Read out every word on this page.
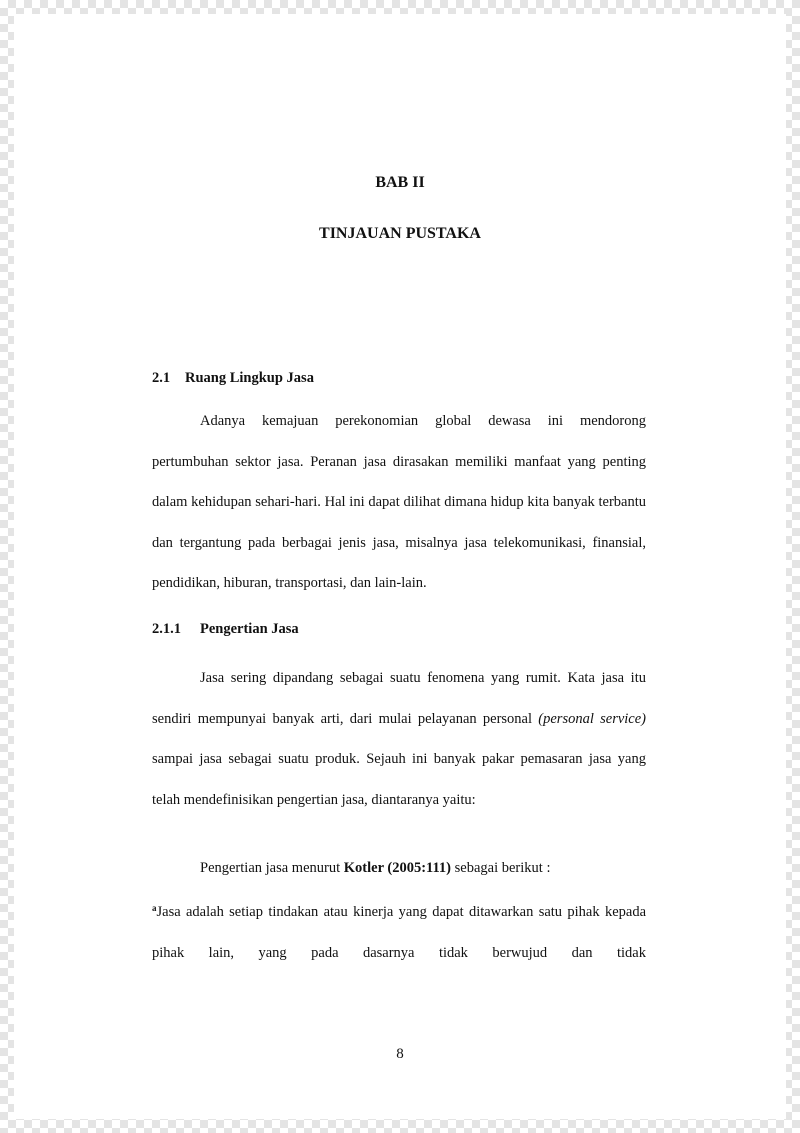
BAB II
TINJAUAN PUSTAKA
2.1 Ruang Lingkup Jasa

Adanya kemajuan perekonomian global dewasa ini mendorong pertumbuhan sektor jasa. Peranan jasa dirasakan memiliki manfaat yang penting dalam kehidupan sehari-hari. Hal ini dapat dilihat dimana hidup kita banyak terbantu dan tergantung pada berbagai jenis jasa, misalnya jasa telekomunikasi, finansial, pendidikan, hiburan, transportasi, dan lain-lain.

2.1.1 Pengertian Jasa

Jasa sering dipandang sebagai suatu fenomena yang rumit. Kata jasa itu sendiri mempunyai banyak arti, dari mulai pelayanan personal (personal service) sampai jasa sebagai suatu produk. Sejauh ini banyak pakar pemasaran jasa yang telah mendefinisikan pengertian jasa, diantaranya yaitu:

Pengertian jasa menurut Kotler (2005:111) sebagai berikut :

$^a$Jasa adalah setiap tindakan atau kinerja yang dapat ditawarkan satu pihak kepada pihak lain, yang pada dasarnya tidak berwujud dan tidak

8
